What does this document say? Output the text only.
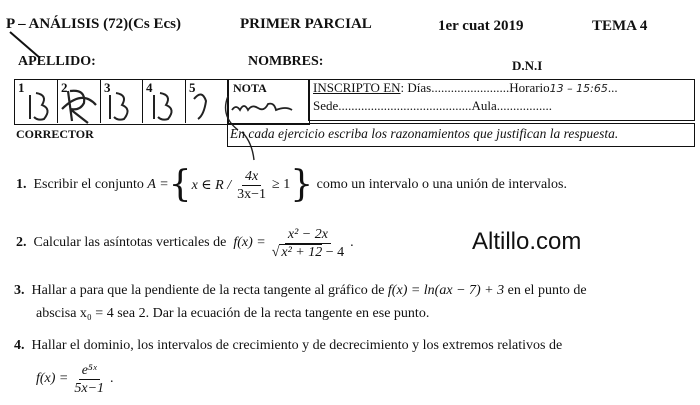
P – ANÁLISIS (72)(Cs Ecs)	PRIMER PARCIAL	1er cuat 2019	TEMA 4
APELLIDO:	NOMBRES:	D.N.I
1	2	3	4	5	NOTA	INSCRIPTO EN: Días........................Horario13 – 15:65...
Sede.........................................Aula.................
CORRECTOR	En cada ejercicio escriba los razonamientos que justifican la respuesta.
1.
Escribir el conjunto
A = { x ∈ $R / \frac{4x}{3x-1} \ge 1$ }
como un intervalo o una unión de intervalos.
2.
Calcular las asíntotas verticales de
$f(x) = \frac{\text{x² − 2x}}{\text{√ x² + 12 − 4}}$ .	Altillo.com
3. Hallar a para que la pendiente de la recta tangente al gráfico de f(x) = ln(ax − 7) + 3 en el punto de
abscisa x₀ = 4 sea 2. Dar la ecuación de la recta tangente en ese punto.
4. Hallar el dominio, los intervalos de crecimiento y de decrecimiento y los extremos relativos de
$f(x) = \frac{\text{e⁵ˣ}}{5x-1}$ .
